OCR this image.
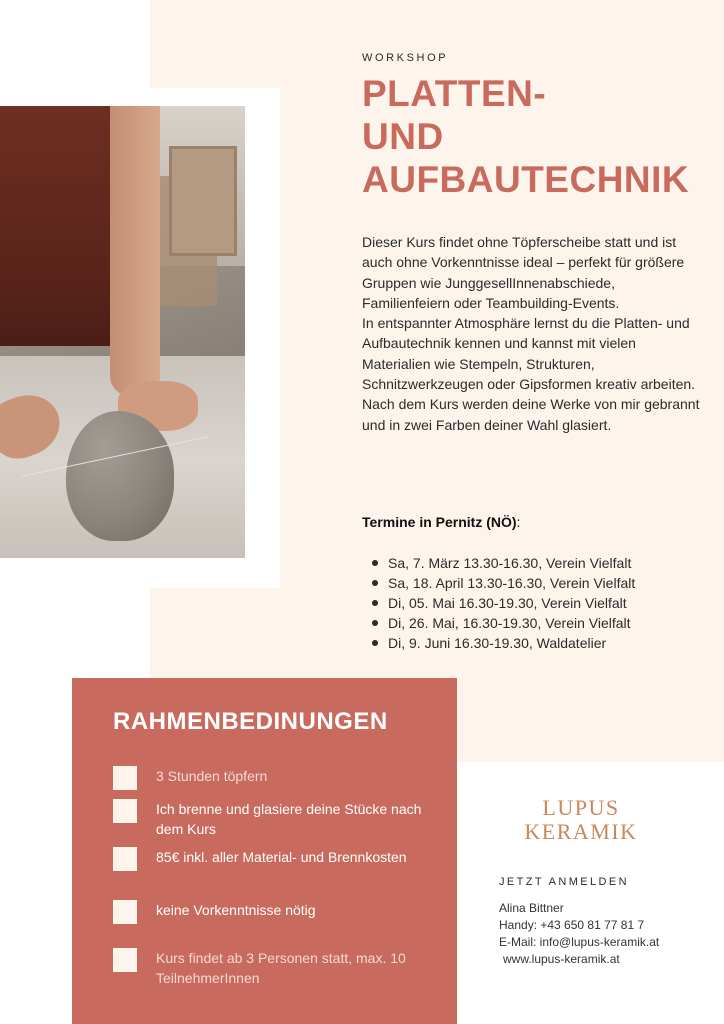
WORKSHOP
PLATTEN-
UND
AUFBAUTECHNIK

Dieser Kurs findet ohne Töpferscheibe statt und ist auch ohne Vorkenntnisse ideal – perfekt für größere Gruppen wie JunggesellInnenabschiede, Familienfeiern oder Teambuilding-Events.

In entspannter Atmosphäre lernst du die Platten- und Aufbautechnik kennen und kannst mit vielen Materialien wie Stempeln, Strukturen, Schnitzwerkzeugen oder Gipsformen kreativ arbeiten. Nach dem Kurs werden deine Werke von mir gebrannt und in zwei Farben deiner Wahl glasiert.

Termine in Pernitz (NÖ):
Sa, 7. März 13.30-16.30, Verein Vielfalt
Sa, 18. April 13.30-16.30, Verein Vielfalt
Di, 05. Mai 16.30-19.30, Verein Vielfalt
Di, 26. Mai, 16.30-19.30, Verein Vielfalt
Di, 9. Juni 16.30-19.30, Waldatelier
RAHMENBEDINUNGEN
3 Stunden töpfern
Ich brenne und glasiere deine Stücke nach dem Kurs
85€ inkl. aller Material- und Brennkosten
keine Vorkenntnisse nötig
Kurs findet ab 3 Personen statt, max. 10 TeilnehmerInnen
LUPUS
KERAMIK
JETZT ANMELDEN
Alina Bittner
Handy: +43 650 81 77 81 7
E-Mail: info@lupus-keramik.at
www.lupus-keramik.at
